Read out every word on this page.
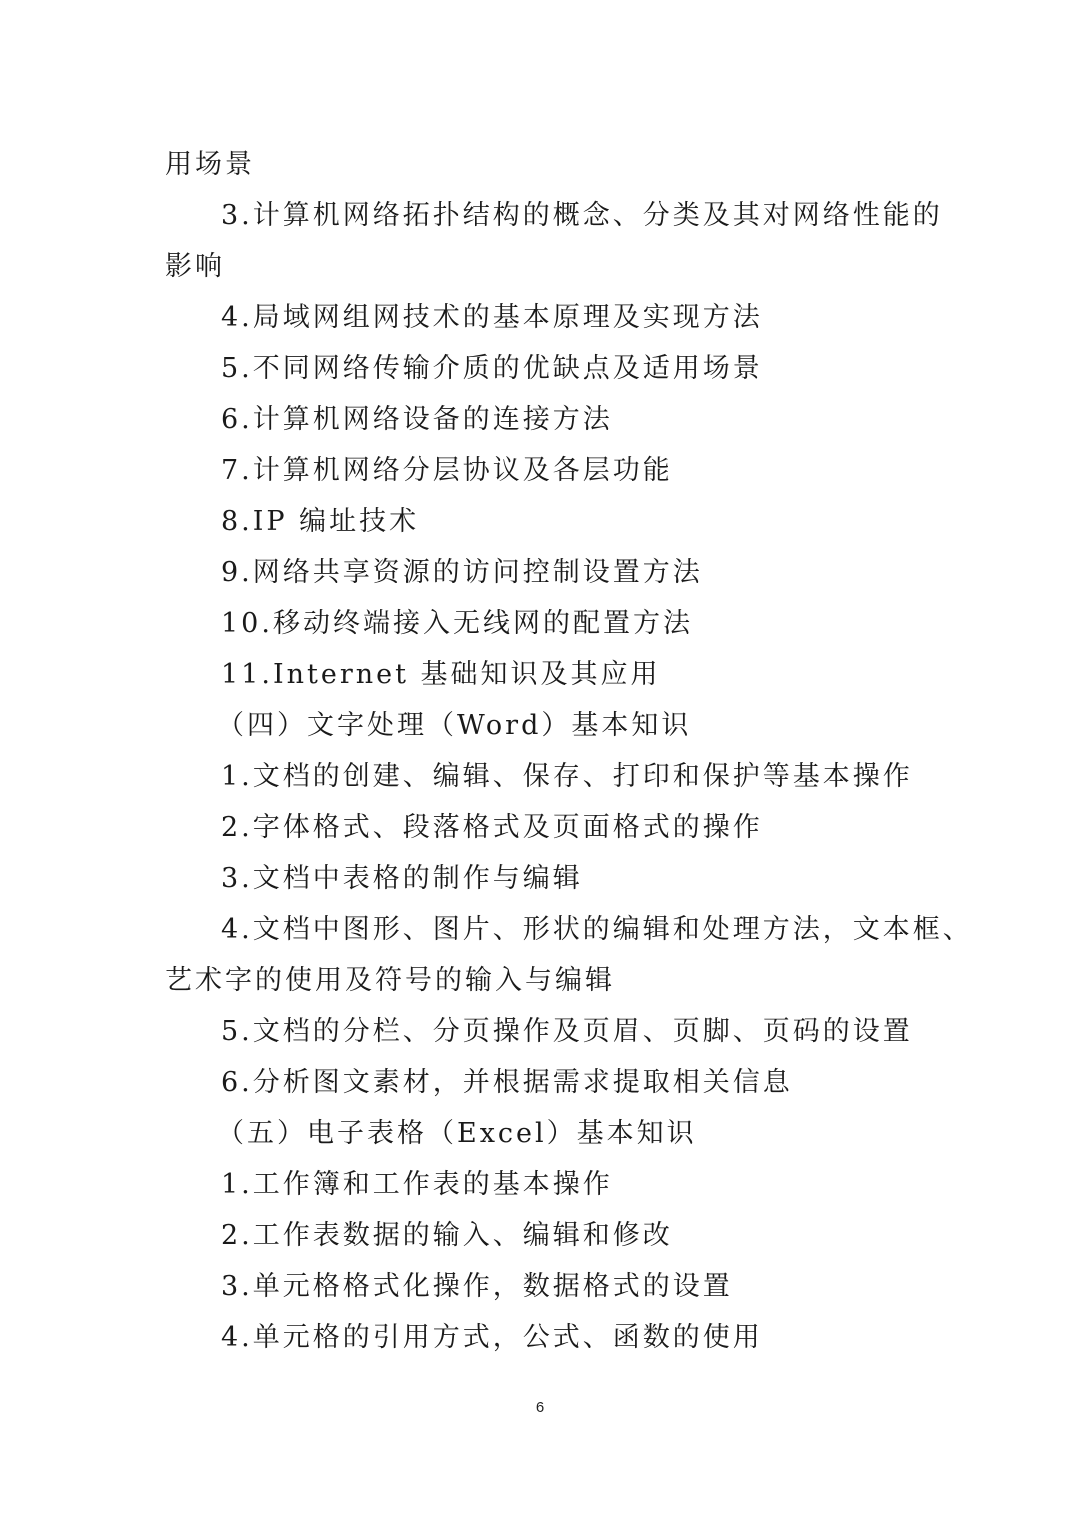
用场景

3.计算机网络拓扑结构的概念、分类及其对网络性能的

影响

4.局域网组网技术的基本原理及实现方法

5.不同网络传输介质的优缺点及适用场景

6.计算机网络设备的连接方法

7.计算机网络分层协议及各层功能

8.IP 编址技术

9.网络共享资源的访问控制设置方法

10.移动终端接入无线网的配置方法

11.Internet 基础知识及其应用

（四）文字处理（Word）基本知识

1.文档的创建、编辑、保存、打印和保护等基本操作

2.字体格式、段落格式及页面格式的操作

3.文档中表格的制作与编辑

4.文档中图形、图片、形状的编辑和处理方法，文本框、

艺术字的使用及符号的输入与编辑

5.文档的分栏、分页操作及页眉、页脚、页码的设置

6.分析图文素材，并根据需求提取相关信息

（五）电子表格（Excel）基本知识

1.工作簿和工作表的基本操作

2.工作表数据的输入、编辑和修改

3.单元格格式化操作，数据格式的设置

4.单元格的引用方式，公式、函数的使用

6
